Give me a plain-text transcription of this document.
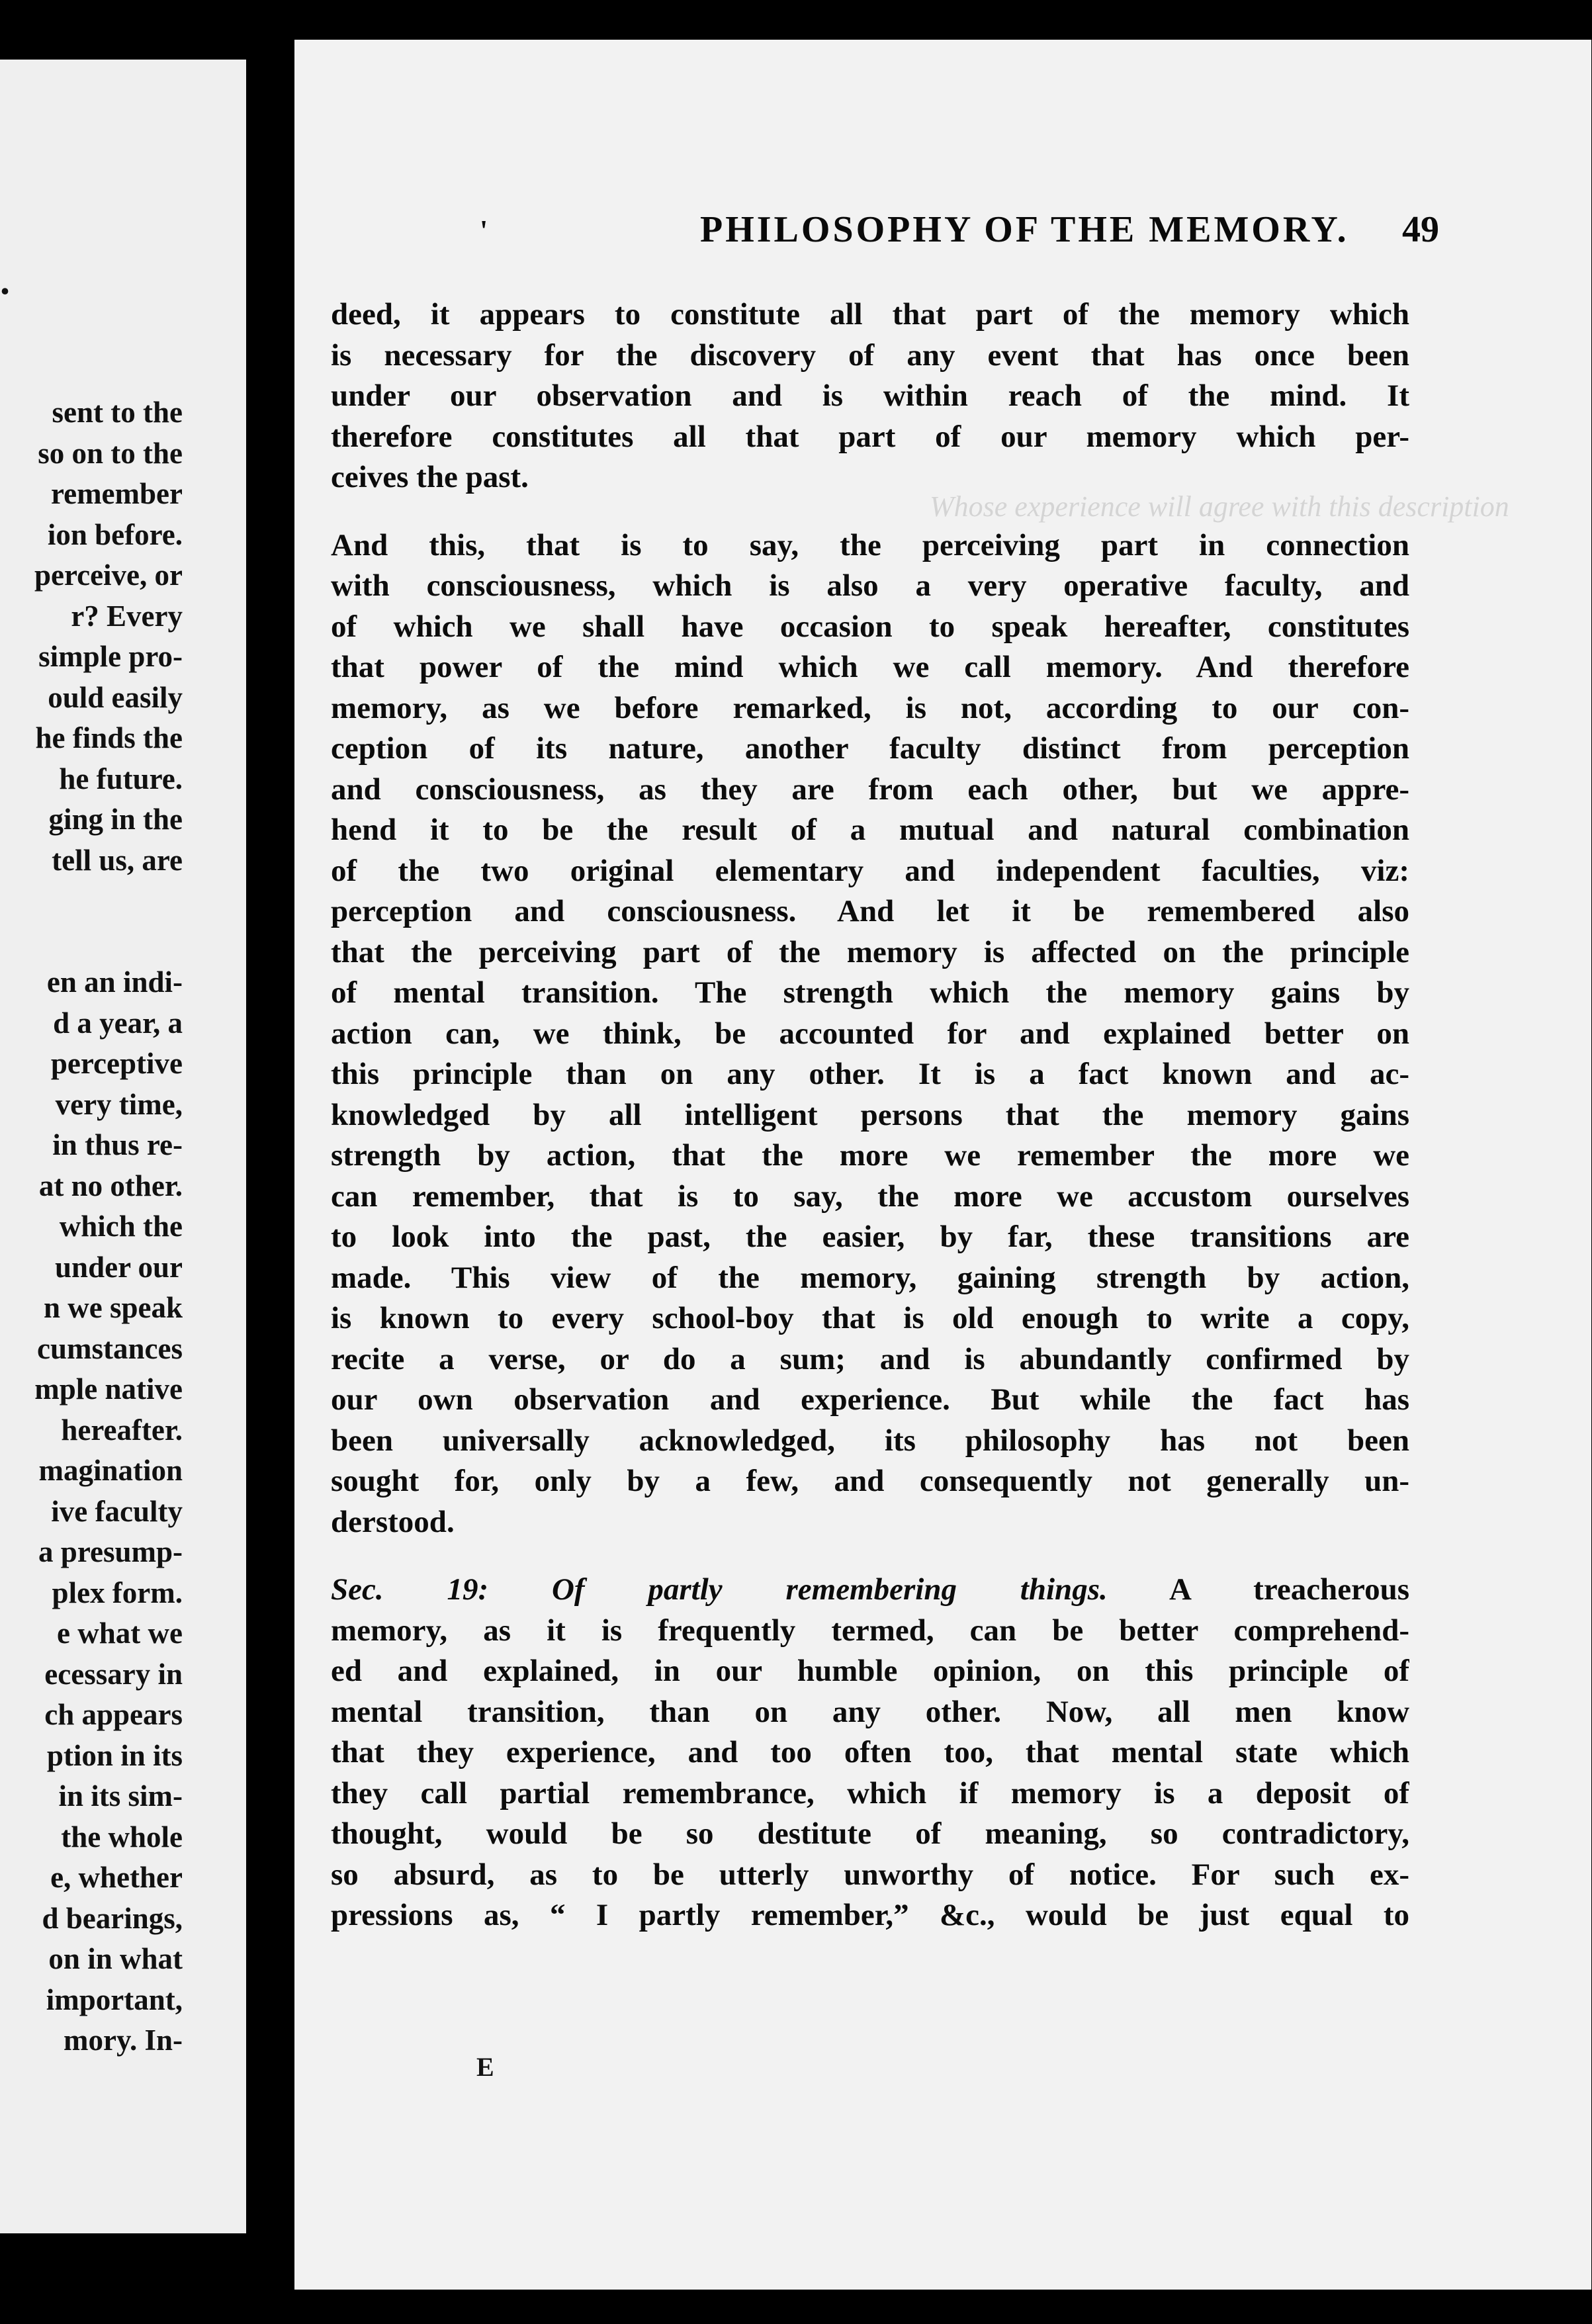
.
sent to the
so on to the
remember
ion before.
perceive, or
r? Every
simple pro-
ould easily
he finds the
he future.
ging in the
tell us, are
en an indi-
d a year, a
perceptive
very time,
in thus re-
at no other.
which the
under our
n we speak
cumstances
mple native
hereafter.
magination
ive faculty
a presump-
plex form.
e what we
ecessary in
ch appears
ption in its
in its sim-
the whole
e, whether
d bearings,
on in what
important,
mory. In-
'	PHILOSOPHY OF THE MEMORY. 49
Whose experience will agree with this description
deed, it appears to constitute all that part of the memory which
is necessary for the discovery of any event that has once been
under our observation and is within reach of the mind. It
therefore constitutes all that part of our memory which per-
ceives the past.
And this, that is to say, the perceiving part in connection
with consciousness, which is also a very operative faculty, and
of which we shall have occasion to speak hereafter, constitutes
that power of the mind which we call memory. And therefore
memory, as we before remarked, is not, according to our con-
ception of its nature, another faculty distinct from perception
and consciousness, as they are from each other, but we appre-
hend it to be the result of a mutual and natural combination
of the two original elementary and independent faculties, viz:
perception and consciousness. And let it be remembered also
that the perceiving part of the memory is affected on the principle
of mental transition. The strength which the memory gains by
action can, we think, be accounted for and explained better on
this principle than on any other. It is a fact known and ac-
knowledged by all intelligent persons that the memory gains
strength by action, that the more we remember the more we
can remember, that is to say, the more we accustom ourselves
to look into the past, the easier, by far, these transitions are
made. This view of the memory, gaining strength by action,
is known to every school-boy that is old enough to write a copy,
recite a verse, or do a sum; and is abundantly confirmed by
our own observation and experience. But while the fact has
been universally acknowledged, its philosophy has not been
sought for, only by a few, and consequently not generally un-
derstood.
Sec. 19: Of partly remembering things. A treacherous
memory, as it is frequently termed, can be better comprehend-
ed and explained, in our humble opinion, on this principle of
mental transition, than on any other. Now, all men know
that they experience, and too often too, that mental state which
they call partial remembrance, which if memory is a deposit of
thought, would be so destitute of meaning, so contradictory,
so absurd, as to be utterly unworthy of notice. For such ex-
pressions as, “ I partly remember,” &c., would be just equal to
E
